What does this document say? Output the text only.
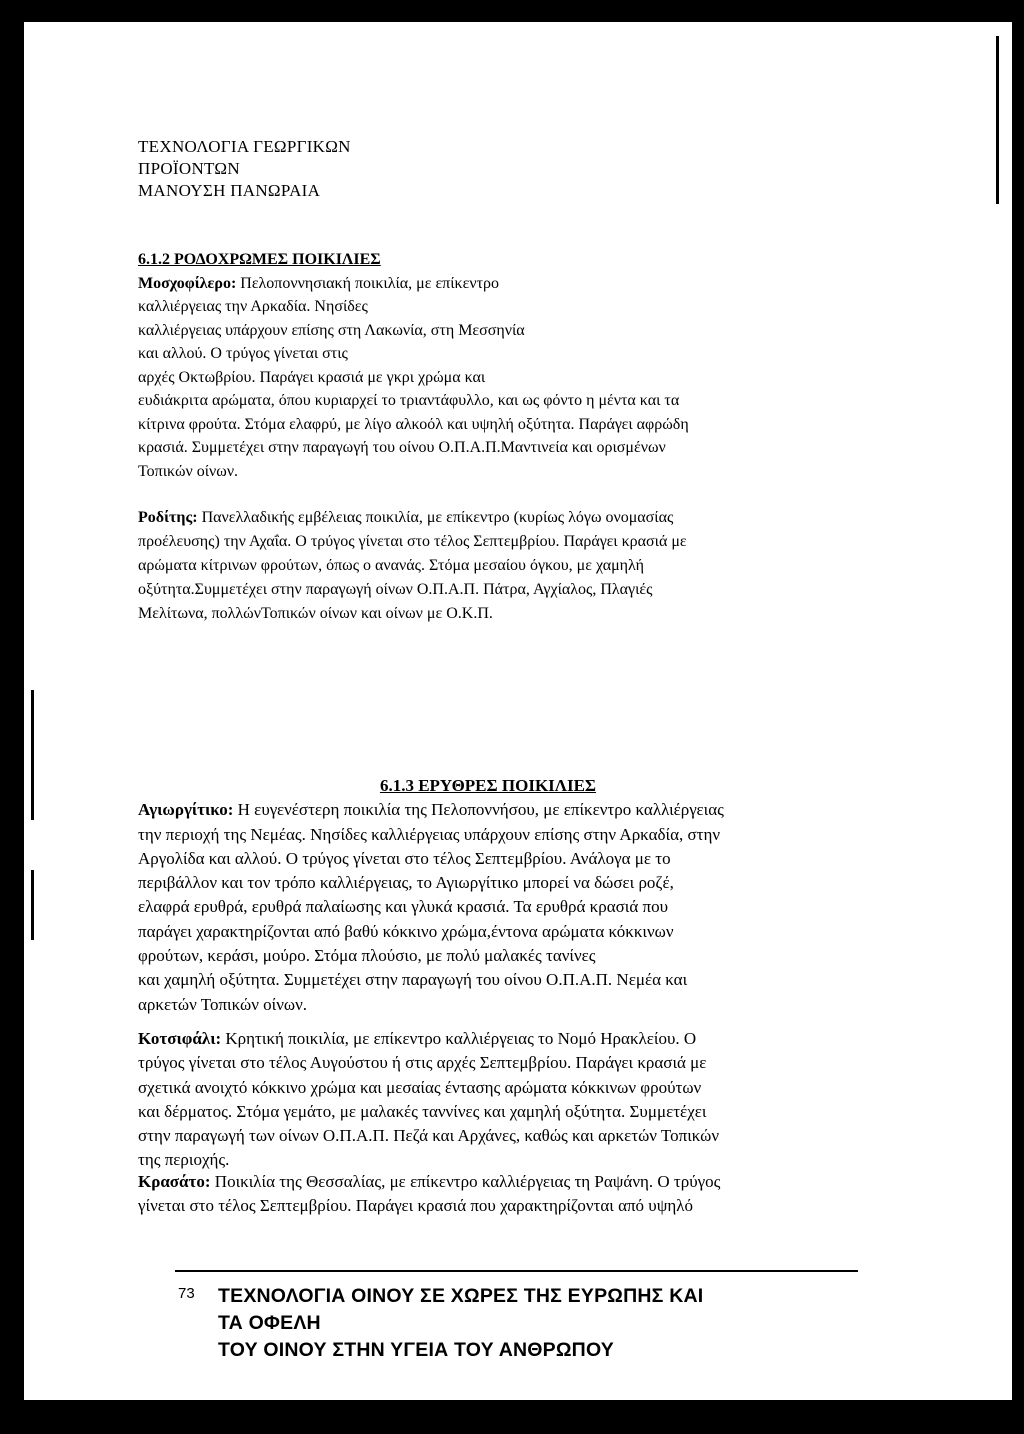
ΤΕΧΝΟΛΟΓΙΑ ΓΕΩΡΓΙΚΩΝ
ΠΡΟΪΟΝΤΩΝ
ΜΑΝΟΥΣΗ ΠΑΝΩΡΑΙΑ
6.1.2 ΡΟΔΟΧΡΩΜΕΣ ΠΟΙΚΙΛΙΕΣ

Μοσχοφίλερο: Πελοποννησιακή ποικιλία, με επίκεντρο
καλλιέργειας την Αρκαδία. Νησίδες
καλλιέργειας υπάρχουν επίσης στη Λακωνία, στη Μεσσηνία
και αλλού. Ο τρύγος γίνεται στις
αρχές Οκτωβρίου. Παράγει κρασιά με γκρι χρώμα και
ευδιάκριτα αρώματα, όπου κυριαρχεί το τριαντάφυλλο, και ως φόντο η μέντα και τα
κίτρινα φρούτα. Στόμα ελαφρύ, με λίγο αλκοόλ και υψηλή οξύτητα. Παράγει αφρώδη
κρασιά. Συμμετέχει στην παραγωγή του οίνου Ο.Π.Α.Π.Μαντινεία και ορισμένων
Τοπικών οίνων.

Ροδίτης: Πανελλαδικής εμβέλειας ποικιλία, με επίκεντρο (κυρίως λόγω ονομασίας
προέλευσης) την Αχαΐα. Ο τρύγος γίνεται στο τέλος Σεπτεμβρίου. Παράγει κρασιά με
αρώματα κίτρινων φρούτων, όπως ο ανανάς. Στόμα μεσαίου όγκου, με χαμηλή
οξύτητα.Συμμετέχει στην παραγωγή οίνων Ο.Π.Α.Π. Πάτρα, Αγχίαλος, Πλαγιές
Μελίτωνα, πολλώνΤοπικών οίνων και οίνων με Ο.Κ.Π.

6.1.3 ΕΡΥΘΡΕΣ ΠΟΙΚΙΛΙΕΣ

Αγιωργίτικο: Η ευγενέστερη ποικιλία της Πελοποννήσου, με επίκεντρο καλλιέργειας
την περιοχή της Νεμέας. Νησίδες καλλιέργειας υπάρχουν επίσης στην Αρκαδία, στην
Αργολίδα και αλλού. Ο τρύγος γίνεται στο τέλος Σεπτεμβρίου. Ανάλογα με το
περιβάλλον και τον τρόπο καλλιέργειας, το Αγιωργίτικο μπορεί να δώσει ροζέ,
ελαφρά ερυθρά, ερυθρά παλαίωσης και γλυκά κρασιά. Τα ερυθρά κρασιά που
παράγει χαρακτηρίζονται από βαθύ κόκκινο χρώμα,έντονα αρώματα κόκκινων
φρούτων, κεράσι, μούρο. Στόμα πλούσιο, με πολύ μαλακές τανίνες
και χαμηλή οξύτητα. Συμμετέχει στην παραγωγή του οίνου Ο.Π.Α.Π. Νεμέα και
αρκετών Τοπικών οίνων.

Κοτσιφάλι: Κρητική ποικιλία, με επίκεντρο καλλιέργειας το Νομό Ηρακλείου. Ο
τρύγος γίνεται στο τέλος Αυγούστου ή στις αρχές Σεπτεμβρίου. Παράγει κρασιά με
σχετικά ανοιχτό κόκκινο χρώμα και μεσαίας έντασης αρώματα κόκκινων φρούτων
και δέρματος. Στόμα γεμάτο, με μαλακές ταννίνες και χαμηλή οξύτητα. Συμμετέχει
στην παραγωγή των οίνων Ο.Π.Α.Π. Πεζά και Αρχάνες, καθώς και αρκετών Τοπικών
της περιοχής.

Κρασάτο: Ποικιλία της Θεσσαλίας, με επίκεντρο καλλιέργειας τη Ραψάνη. Ο τρύγος
γίνεται στο τέλος Σεπτεμβρίου. Παράγει κρασιά που χαρακτηρίζονται από υψηλό

73 ΤΕΧΝΟΛΟΓΙΑ ΟΙΝΟΥ ΣΕ ΧΩΡΕΣ ΤΗΣ ΕΥΡΩΠΗΣ ΚΑΙ
ΤΑ ΟΦΕΛΗ
ΤΟΥ ΟΙΝΟΥ ΣΤΗΝ ΥΓΕΙΑ ΤΟΥ ΑΝΘΡΩΠΟΥ
